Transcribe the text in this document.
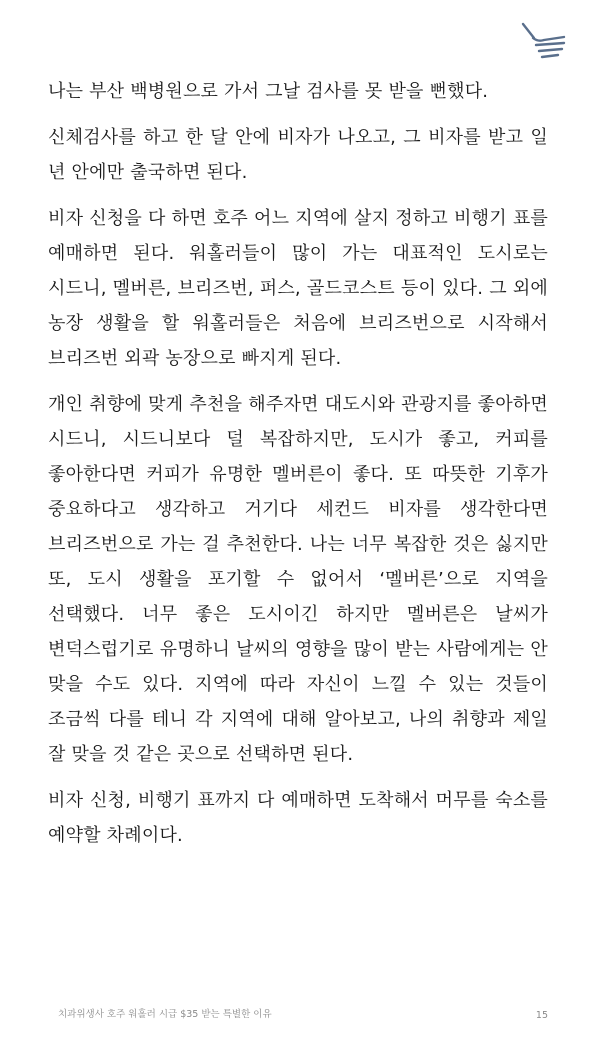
나는 부산 백병원으로 가서 그날 검사를 못 받을 뻔했다.

신체검사를 하고 한 달 안에 비자가 나오고, 그 비자를 받고 일 년 안에만 출국하면 된다.

비자 신청을 다 하면 호주 어느 지역에 살지 정하고 비행기 표를 예매하면 된다. 워홀러들이 많이 가는 대표적인 도시로는 시드니, 멜버른, 브리즈번, 퍼스, 골드코스트 등이 있다. 그 외에 농장 생활을 할 워홀러들은 처음에 브리즈번으로 시작해서 브리즈번 외곽 농장으로 빠지게 된다.

개인 취향에 맞게 추천을 해주자면 대도시와 관광지를 좋아하면 시드니, 시드니보다 덜 복잡하지만, 도시가 좋고, 커피를 좋아한다면 커피가 유명한 멜버른이 좋다. 또 따뜻한 기후가 중요하다고 생각하고 거기다 세컨드 비자를 생각한다면 브리즈번으로 가는 걸 추천한다. 나는 너무 복잡한 것은 싫지만 또, 도시 생활을 포기할 수 없어서 ‘멜버른’으로 지역을 선택했다. 너무 좋은 도시이긴 하지만 멜버른은 날씨가 변덕스럽기로 유명하니 날씨의 영향을 많이 받는 사람에게는 안 맞을 수도 있다. 지역에 따라 자신이 느낄 수 있는 것들이 조금씩 다를 테니 각 지역에 대해 알아보고, 나의 취향과 제일 잘 맞을 것 같은 곳으로 선택하면 된다.

비자 신청, 비행기 표까지 다 예매하면 도착해서 머무를 숙소를 예약할 차례이다.

치과위생사 호주 워홀러 시급 $35 받는 특별한 이유	15
